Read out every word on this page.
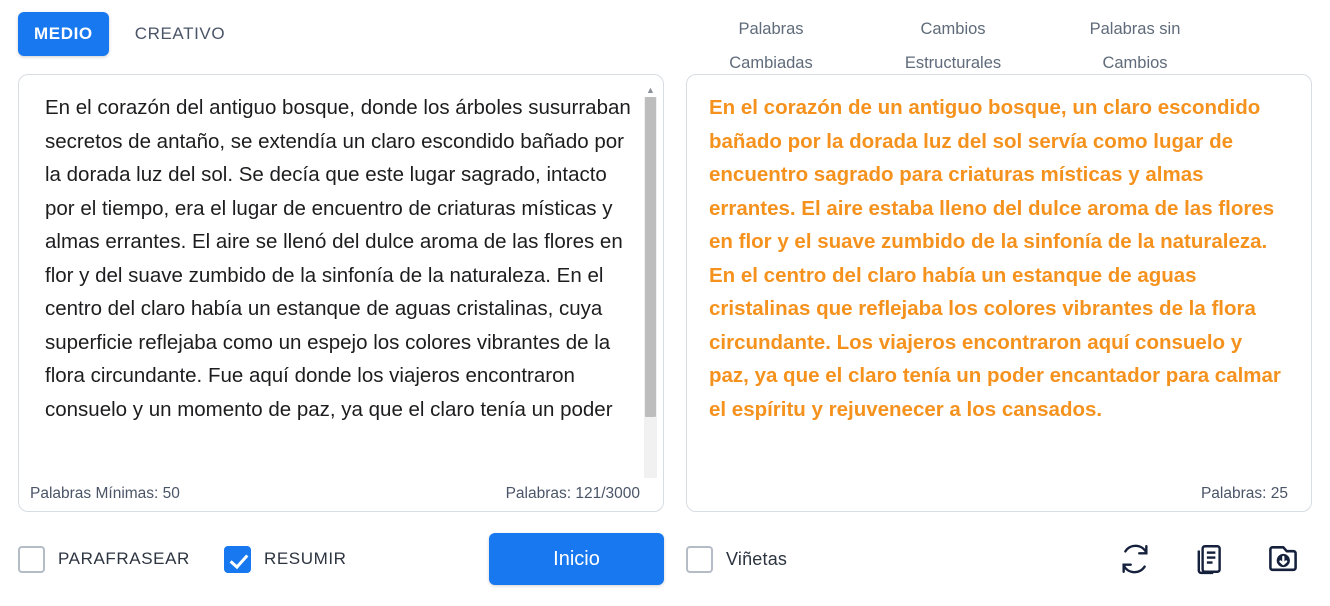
MEDIO	CREATIVO	Palabras
Cambiadas
Cambios
Estructurales
Palabras sin
Cambios
En el corazón del antiguo bosque, donde los árboles susurraban secretos de antaño, se extendía un claro escondido bañado por la dorada luz del sol. Se decía que este lugar sagrado, intacto por el tiempo, era el lugar de encuentro de criaturas místicas y almas errantes. El aire se llenó del dulce aroma de las flores en flor y del suave zumbido de la sinfonía de la naturaleza. En el centro del claro había un estanque de aguas cristalinas, cuya superficie reflejaba como un espejo los colores vibrantes de la flora circundante. Fue aquí donde los viajeros encontraron consuelo y un momento de paz, ya que el claro tenía un poder
▲
Palabras Mínimas: 50	Palabras: 121/3000
En el corazón de un antiguo bosque, un claro escondido bañado por la dorada luz del sol servía como lugar de encuentro sagrado para criaturas místicas y almas errantes. El aire estaba lleno del dulce aroma de las flores en flor y el suave zumbido de la sinfonía de la naturaleza. En el centro del claro había un estanque de aguas cristalinas que reflejaba los colores vibrantes de la flora circundante. Los viajeros encontraron aquí consuelo y paz, ya que el claro tenía un poder encantador para calmar el espíritu y rejuvenecer a los cansados.
Palabras: 25
PARAFRASEAR	RESUMIR	Inicio	Viñetas
